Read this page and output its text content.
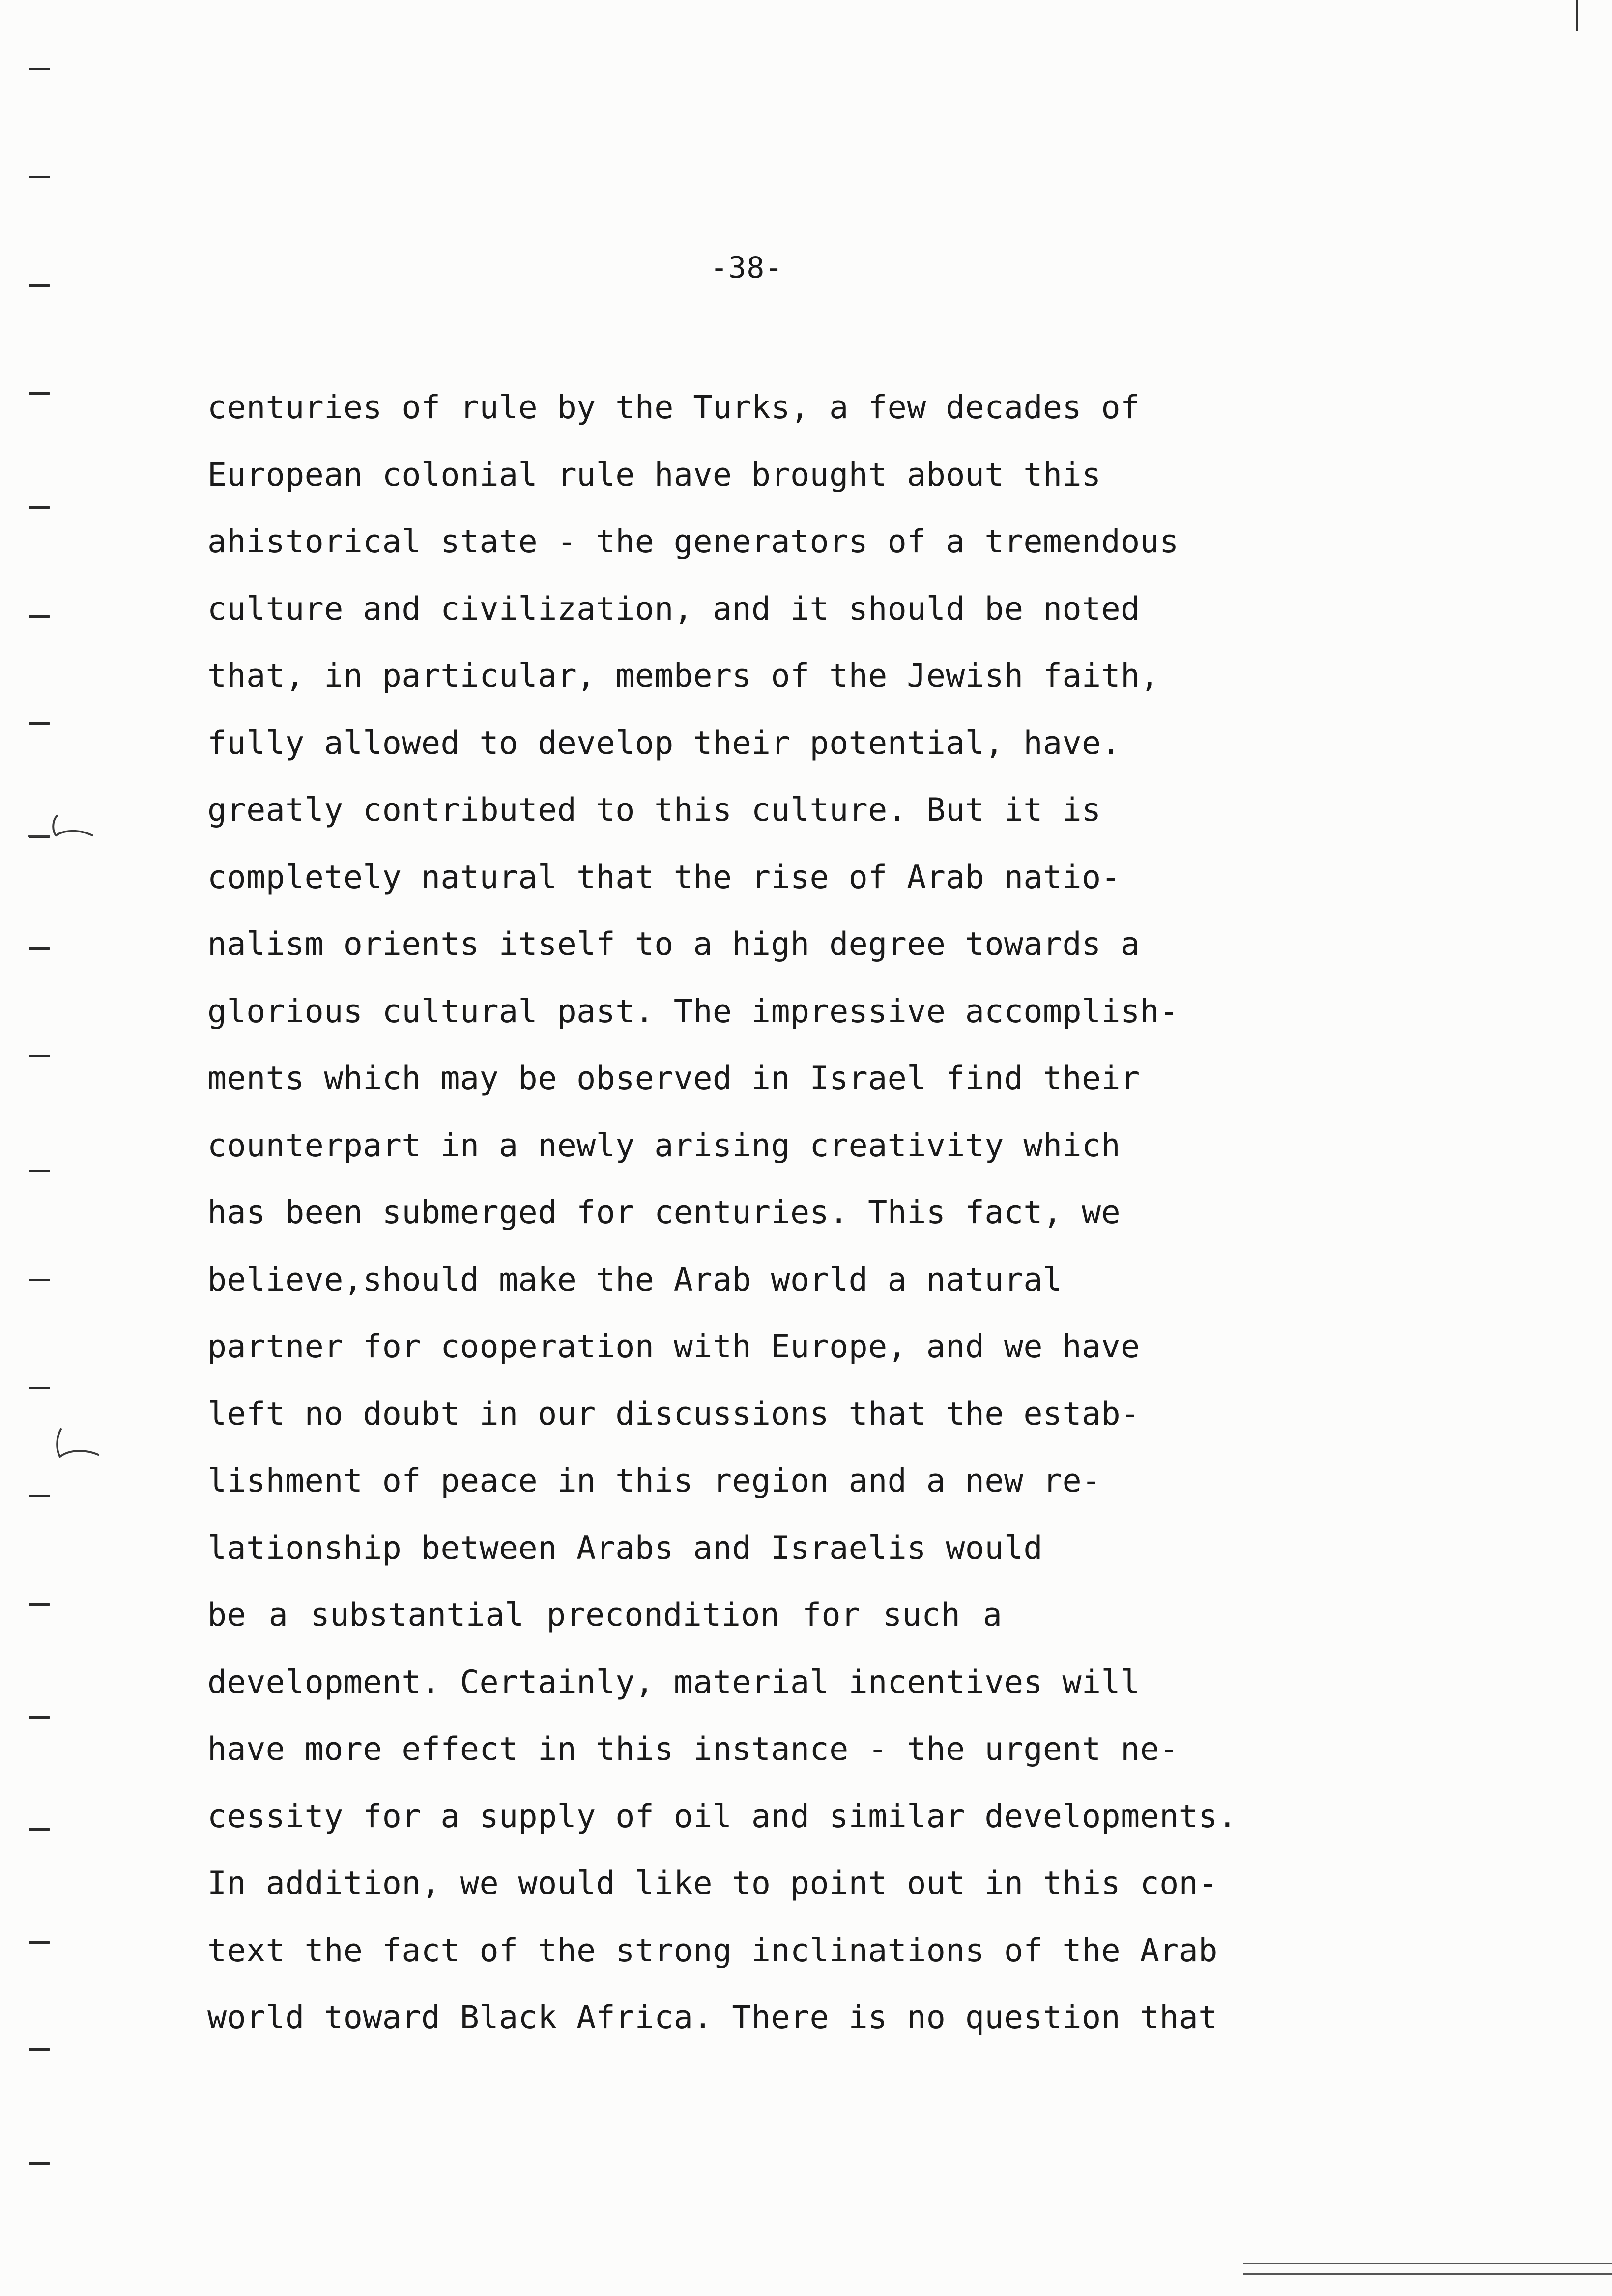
-38-
centuries of rule by the Turks, a few decades of
European colonial rule have brought about this
ahistorical state - the generators of a tremendous
culture and civilization, and it should be noted
that, in particular, members of the Jewish faith,
fully allowed to develop their potential, have.
greatly contributed to this culture. But it is
completely natural that the rise of Arab natio-
nalism orients itself to a high degree towards a
glorious cultural past. The impressive accomplish-
ments which may be observed in Israel find their
counterpart in a newly arising creativity which
has been submerged for centuries. This fact, we
believe,should make the Arab world a natural
partner for cooperation with Europe, and we have
left no doubt in our discussions that the estab-
lishment of peace in this region and a new re-
lationship between Arabs and Israelis would
be a substantial precondition for such a
development. Certainly, material incentives will
have more effect in this instance - the urgent ne-
cessity for a supply of oil and similar developments.
In addition, we would like to point out in this con-
text the fact of the strong inclinations of the Arab
world toward Black Africa. There is no question that
